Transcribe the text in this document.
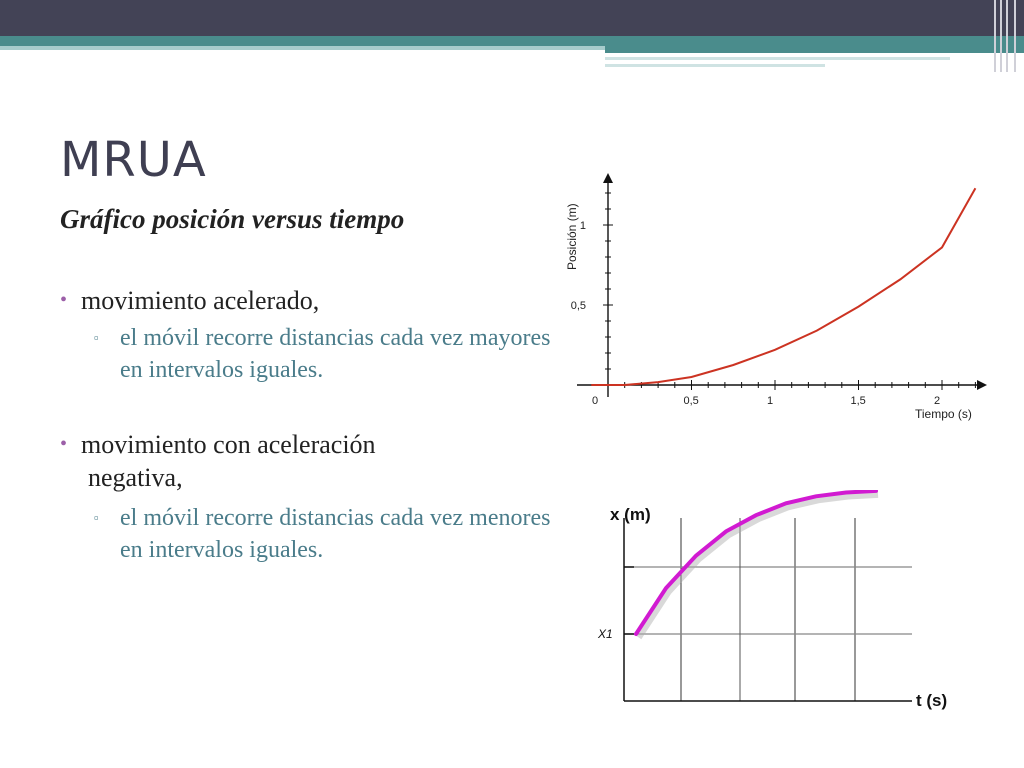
MRUA
Gráfico posición versus tiempo
• movimiento acelerado,
▫ el móvil recorre distancias cada vez mayores en intervalos iguales.
• movimiento con aceleración
negativa,
▫ el móvil recorre distancias cada vez menores en intervalos iguales.
0	0,5	1	1,5	2
0,5
1
Tiempo (s)
Posición (m)
x (m)
t (s)
X1
